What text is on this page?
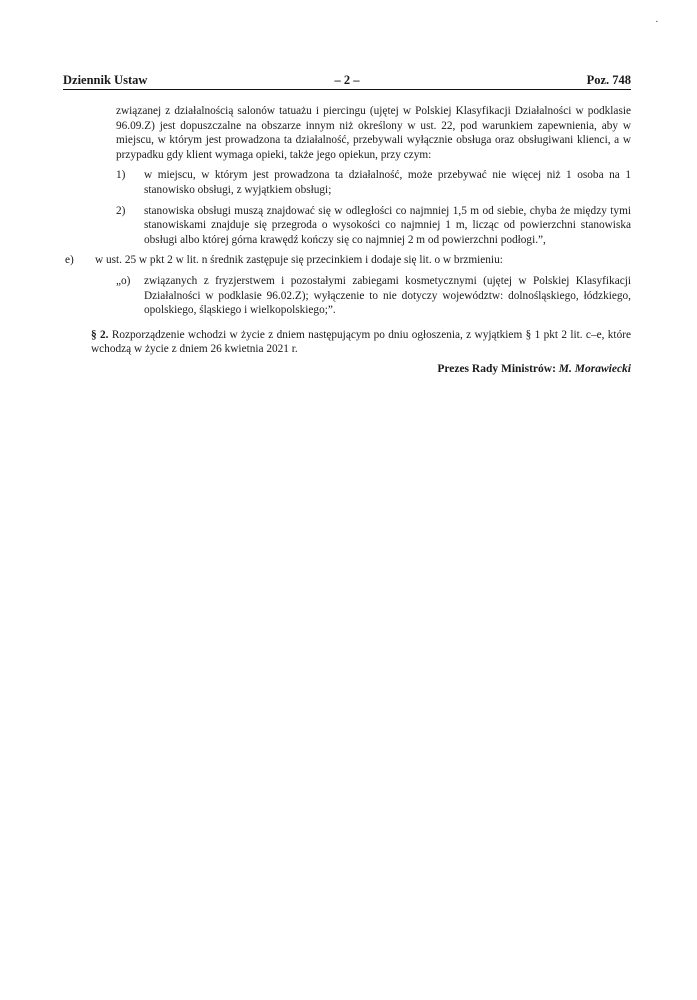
·
Dziennik Ustaw	– 2 –	Poz. 748

związanej z działalnością salonów tatuażu i piercingu (ujętej w Polskiej Klasyfikacji Działalności w podklasie 96.09.Z) jest dopuszczalne na obszarze innym niż określony w ust. 22, pod warunkiem zapewnienia, aby w miejscu, w którym jest prowadzona ta działalność, przebywali wyłącznie obsługa oraz obsługiwani klienci, a w przypadku gdy klient wymaga opieki, także jego opiekun, przy czym:

1) w miejscu, w którym jest prowadzona ta działalność, może przebywać nie więcej niż 1 osoba na 1 stanowisko obsługi, z wyjątkiem obsługi;
2) stanowiska obsługi muszą znajdować się w odległości co najmniej 1,5 m od siebie, chyba że między tymi stanowiskami znajduje się przegroda o wysokości co najmniej 1 m, licząc od powierzchni stanowiska obsługi albo której górna krawędź kończy się co najmniej 2 m od powierzchni podłogi.”,
e) w ust. 25 w pkt 2 w lit. n średnik zastępuje się przecinkiem i dodaje się lit. o w brzmieniu:
„o) związanych z fryzjerstwem i pozostałymi zabiegami kosmetycznymi (ujętej w Polskiej Klasyfikacji Działalności w podklasie 96.02.Z); wyłączenie to nie dotyczy województw: dolnośląskiego, łódzkiego, opolskiego, śląskiego i wielkopolskiego;”.

§ 2. Rozporządzenie wchodzi w życie z dniem następującym po dniu ogłoszenia, z wyjątkiem § 1 pkt 2 lit. c–e, które wchodzą w życie z dniem 26 kwietnia 2021 r.

Prezes Rady Ministrów: M. Morawiecki
